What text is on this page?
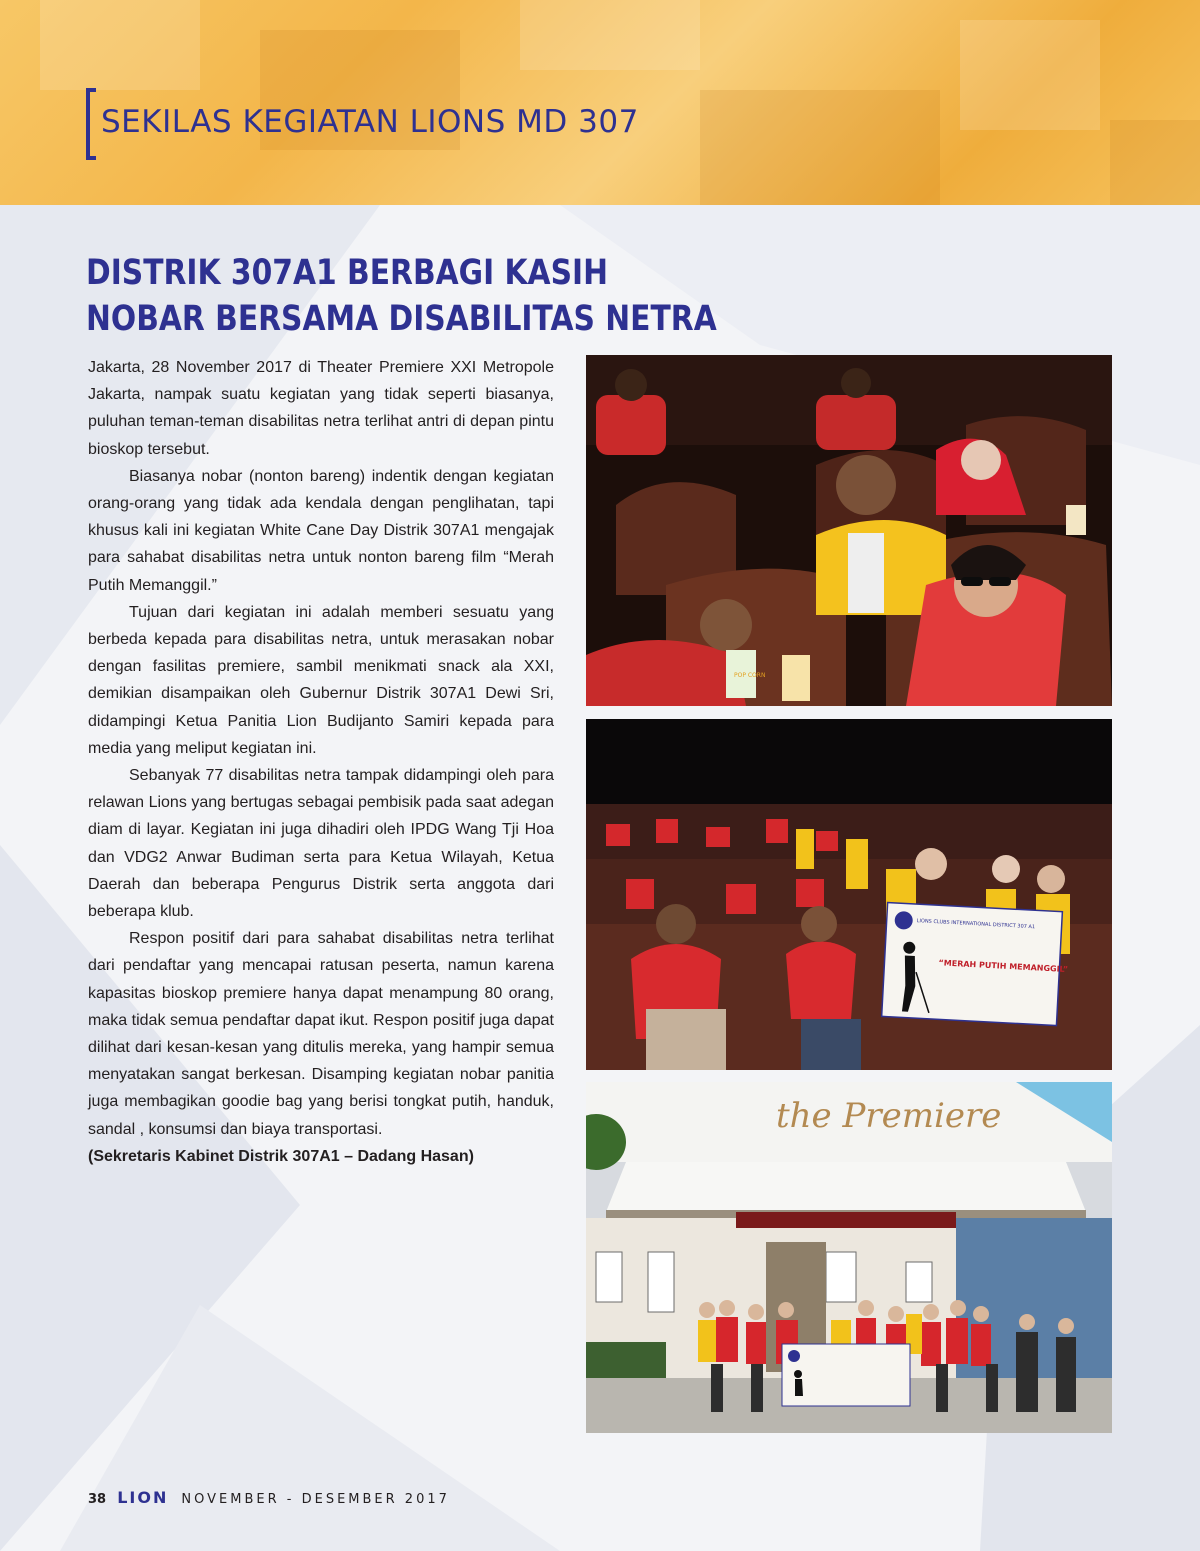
SEKILAS KEGIATAN LIONS MD 307
DISTRIK 307A1 BERBAGI KASIH
NOBAR BERSAMA DISABILITAS NETRA

Jakarta, 28 November 2017 di Theater Premiere XXI Metropole Jakarta, nampak suatu kegiatan yang tidak seperti biasanya, puluhan teman-teman disabilitas netra terlihat antri di depan pintu bioskop tersebut.

Biasanya nobar (nonton bareng) indentik dengan kegiatan orang-orang yang tidak ada kendala dengan penglihatan, tapi khusus kali ini kegiatan White Cane Day Distrik 307A1 mengajak para sahabat disabilitas netra untuk nonton bareng film “Merah Putih Memanggil.”

Tujuan dari kegiatan ini adalah memberi sesuatu yang berbeda kepada para disabilitas netra, untuk merasakan nobar dengan fasilitas premiere, sambil menikmati snack ala XXI, demikian disampaikan oleh Gubernur Distrik 307A1 Dewi Sri, didampingi Ketua Panitia Lion Budijanto Samiri kepada para media yang meliput kegiatan ini.

Sebanyak 77 disabilitas netra tampak didampingi oleh para relawan Lions yang bertugas sebagai pembisik pada saat adegan diam di layar. Kegiatan ini juga dihadiri oleh IPDG Wang Tji Hoa dan VDG2 Anwar Budiman serta para Ketua Wilayah, Ketua Daerah dan beberapa Pengurus Distrik serta anggota dari beberapa klub.

Respon positif dari para sahabat disabilitas netra terlihat dari pendaftar yang mencapai ratusan peserta, namun karena kapasitas bioskop premiere hanya dapat menampung 80 orang, maka tidak semua pendaftar dapat ikut. Respon positif juga dapat dilihat dari kesan-kesan yang ditulis mereka, yang hampir semua menyatakan sangat berkesan. Disamping kegiatan nobar panitia juga membagikan goodie bag yang berisi tongkat putih, handuk, sandal , konsumsi dan biaya transportasi.

(Sekretaris Kabinet Distrik 307A1 – Dadang Hasan)

POP CORN
LIONS CLUBS INTERNATIONAL DISTRICT 307 A1
“MERAH PUTIH MEMANGGIL”
the Premiere
38 LION NOVEMBER - DESEMBER 2017
